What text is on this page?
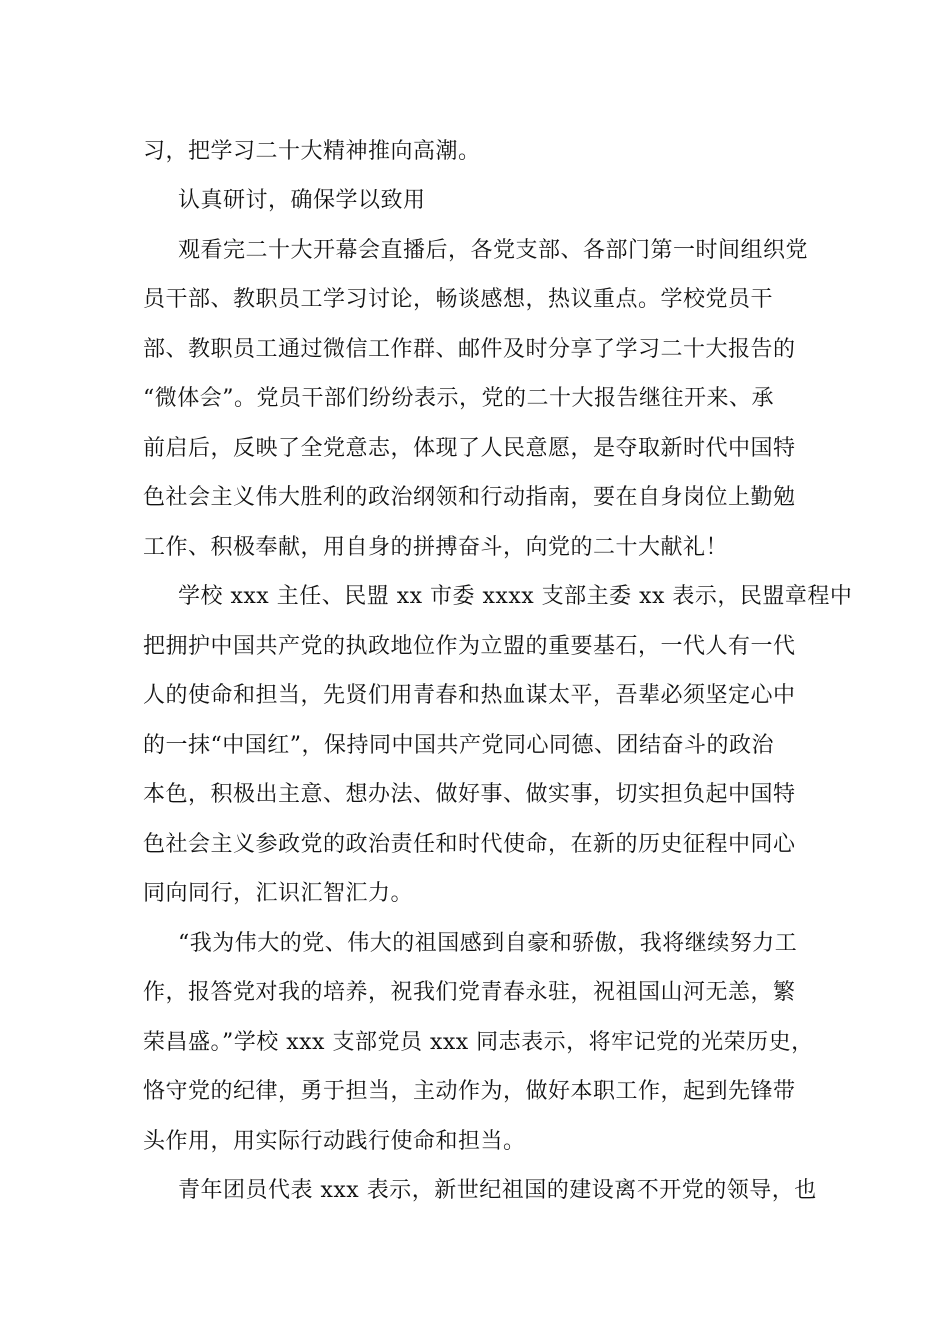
习，把学习二十大精神推向高潮。
认真研讨，确保学以致用
观看完二十大开幕会直播后，各党支部、各部门第一时间组织党
员干部、教职员工学习讨论，畅谈感想，热议重点。学校党员干
部、教职员工通过微信工作群、邮件及时分享了学习二十大报告的
“微体会”。党员干部们纷纷表示，党的二十大报告继往开来、承
前启后，反映了全党意志，体现了人民意愿，是夺取新时代中国特
色社会主义伟大胜利的政治纲领和行动指南，要在自身岗位上勤勉
工作、积极奉献，用自身的拼搏奋斗，向党的二十大献礼！
学校 xxx 主任、民盟 xx 市委 xxxx 支部主委 xx 表示，民盟章程中
把拥护中国共产党的执政地位作为立盟的重要基石，一代人有一代
人的使命和担当，先贤们用青春和热血谋太平，吾辈必须坚定心中
的一抹“中国红”，保持同中国共产党同心同德、团结奋斗的政治
本色，积极出主意、想办法、做好事、做实事，切实担负起中国特
色社会主义参政党的政治责任和时代使命，在新的历史征程中同心
同向同行，汇识汇智汇力。
“我为伟大的党、伟大的祖国感到自豪和骄傲，我将继续努力工
作，报答党对我的培养，祝我们党青春永驻，祝祖国山河无恙，繁
荣昌盛。”学校 xxx 支部党员 xxx 同志表示，将牢记党的光荣历史，
恪守党的纪律，勇于担当，主动作为，做好本职工作，起到先锋带
头作用，用实际行动践行使命和担当。
青年团员代表 xxx 表示，新世纪祖国的建设离不开党的领导，也
